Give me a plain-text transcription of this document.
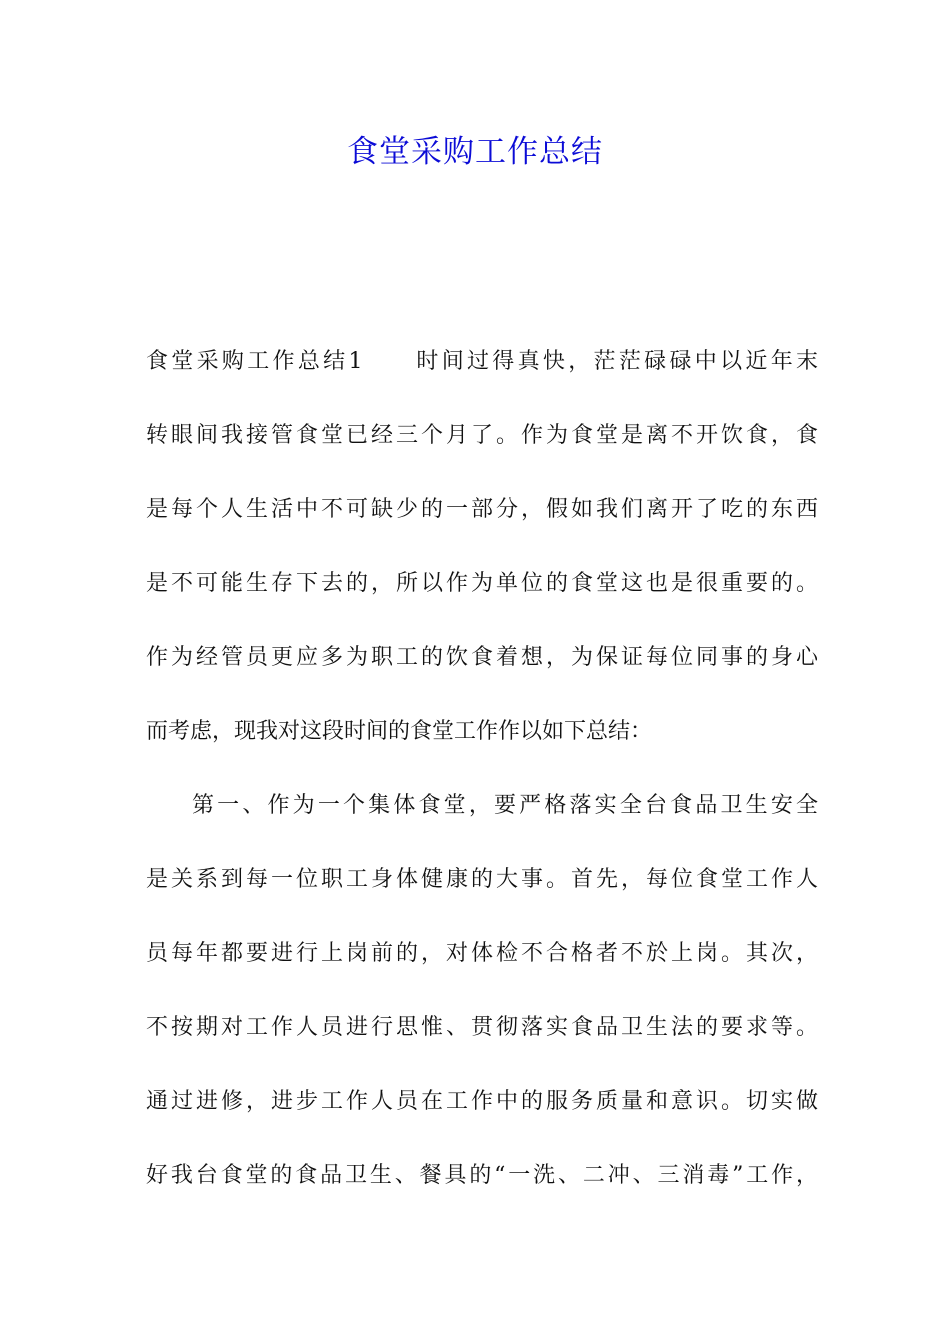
食堂采购工作总结
食堂采购工作总结1　　时间过得真快，茫茫碌碌中以近年末
转眼间我接管食堂已经三个月了。作为食堂是离不开饮食，食
是每个人生活中不可缺少的一部分，假如我们离开了吃的东西
是不可能生存下去的，所以作为单位的食堂这也是很重要的。
作为经管员更应多为职工的饮食着想，为保证每位同事的身心
而考虑，现我对这段时间的食堂工作作以如下总结：
第一、作为一个集体食堂，要严格落实全台食品卫生安全
是关系到每一位职工身体健康的大事。首先，每位食堂工作人
员每年都要进行上岗前的，对体检不合格者不於上岗。其次，
不按期对工作人员进行思惟、贯彻落实食品卫生法的要求等。
通过进修，进步工作人员在工作中的服务质量和意识。切实做
好我台食堂的食品卫生、餐具的“一洗、二冲、三消毒”工作，
